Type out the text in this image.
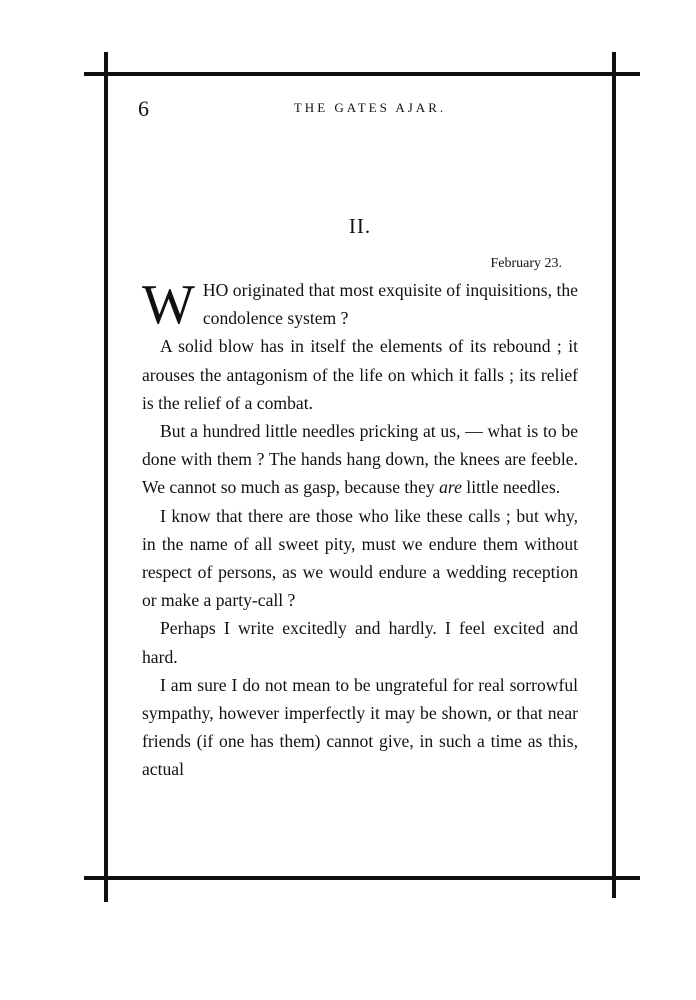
6	THE GATES AJAR.
II.
February 23.

WHO originated that most exquisite of inquisitions, the condolence system ?

A solid blow has in itself the elements of its rebound ; it arouses the antagonism of the life on which it falls ; its relief is the relief of a combat.

But a hundred little needles pricking at us, — what is to be done with them ? The hands hang down, the knees are feeble. We cannot so much as gasp, because they are little needles.

I know that there are those who like these calls ; but why, in the name of all sweet pity, must we endure them without respect of persons, as we would endure a wedding reception or make a party-call ?

Perhaps I write excitedly and hardly. I feel excited and hard.

I am sure I do not mean to be ungrateful for real sorrowful sympathy, however imperfectly it may be shown, or that near friends (if one has them) cannot give, in such a time as this, actual
